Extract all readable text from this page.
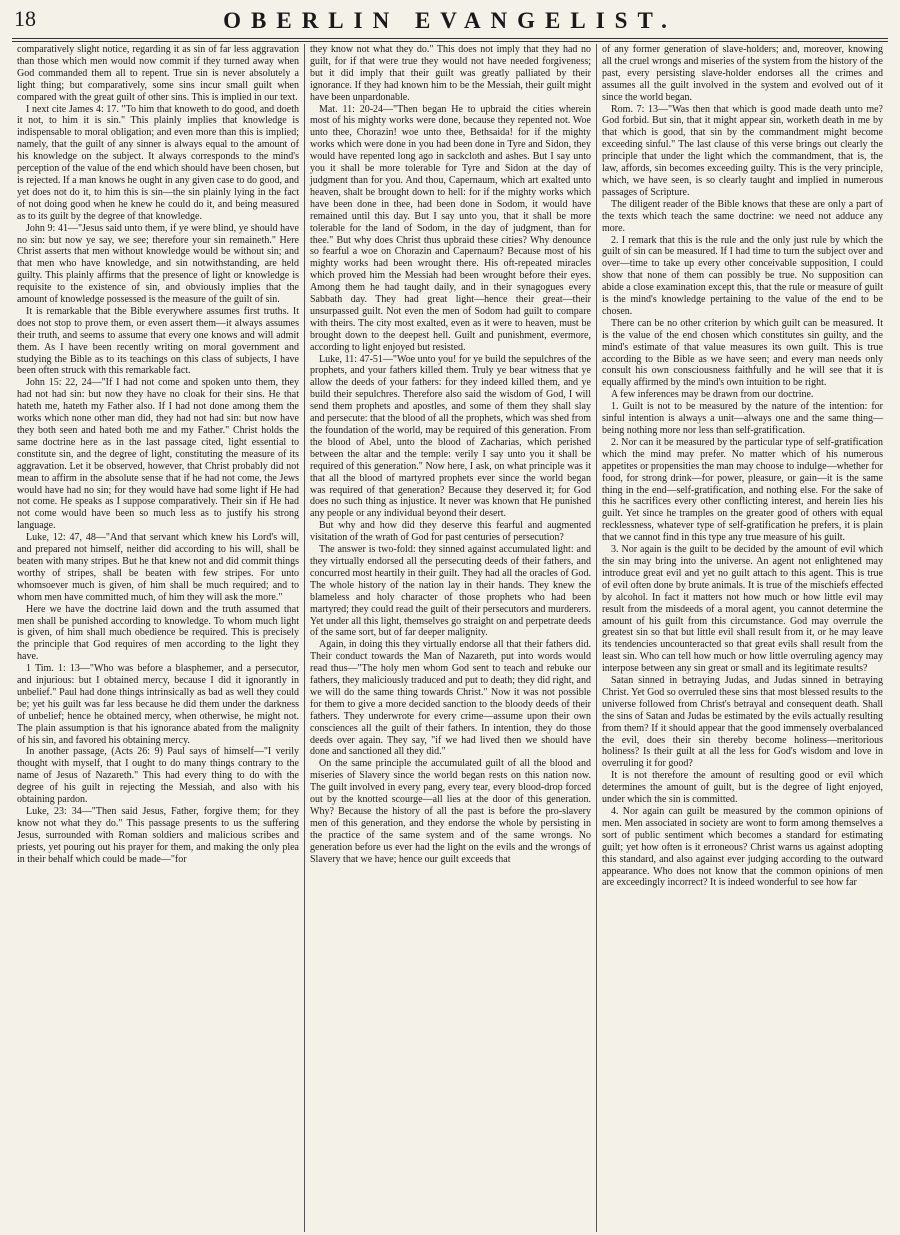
18	OBERLIN EVANGELIST.

comparatively slight notice, regarding it as sin of far less aggravation than those which men would now commit if they turned away when God commanded them all to repent. True sin is never absolutely a light thing; but comparatively, some sins incur small guilt when compared with the great guilt of other sins. This is implied in our text.

I next cite James 4: 17. "To him that knoweth to do good, and doeth it not, to him it is sin." This plainly implies that knowledge is indispensable to moral obligation; and even more than this is implied; namely, that the guilt of any sinner is always equal to the amount of his knowledge on the subject. It always corresponds to the mind's perception of the value of the end which should have been chosen, but is rejected. If a man knows he ought in any given case to do good, and yet does not do it, to him this is sin—the sin plainly lying in the fact of not doing good when he knew he could do it, and being measured as to its guilt by the degree of that knowledge.

John 9: 41—"Jesus said unto them, if ye were blind, ye should have no sin: but now ye say, we see; therefore your sin remaineth." Here Christ asserts that men without knowledge would be without sin; and that men who have knowledge, and sin notwithstanding, are held guilty. This plainly affirms that the presence of light or knowledge is requisite to the existence of sin, and obviously implies that the amount of knowledge possessed is the measure of the guilt of sin.

It is remarkable that the Bible everywhere assumes first truths. It does not stop to prove them, or even assert them—it always assumes their truth, and seems to assume that every one knows and will admit them. As I have been recently writing on moral government and studying the Bible as to its teachings on this class of subjects, I have been often struck with this remarkable fact.

John 15: 22, 24—"If I had not come and spoken unto them, they had not had sin: but now they have no cloak for their sins. He that hateth me, hateth my Father also. If I had not done among them the works which none other man did, they had not had sin: but now have they both seen and hated both me and my Father." Christ holds the same doctrine here as in the last passage cited, light essential to constitute sin, and the degree of light, constituting the measure of its aggravation. Let it be observed, however, that Christ probably did not mean to affirm in the absolute sense that if he had not come, the Jews would have had no sin; for they would have had some light if He had not come. He speaks as I suppose comparatively. Their sin if He had not come would have been so much less as to justify his strong language.

Luke, 12: 47, 48—"And that servant which knew his Lord's will, and prepared not himself, neither did according to his will, shall be beaten with many stripes. But he that knew not and did commit things worthy of stripes, shall be beaten with few stripes. For unto whomsoever much is given, of him shall be much required; and to whom men have committed much, of him they will ask the more."

Here we have the doctrine laid down and the truth assumed that men shall be punished according to knowledge. To whom much light is given, of him shall much obedience be required. This is precisely the principle that God requires of men according to the light they have.

1 Tim. 1: 13—"Who was before a blasphemer, and a persecutor, and injurious: but I obtained mercy, because I did it ignorantly in unbelief." Paul had done things intrinsically as bad as well they could be; yet his guilt was far less because he did them under the darkness of unbelief; hence he obtained mercy, when otherwise, he might not. The plain assumption is that his ignorance abated from the malignity of his sin, and favored his obtaining mercy.

In another passage, (Acts 26: 9) Paul says of himself—"I verily thought with myself, that I ought to do many things contrary to the name of Jesus of Nazareth." This had every thing to do with the degree of his guilt in rejecting the Messiah, and also with his obtaining pardon.

Luke, 23: 34—"Then said Jesus, Father, forgive them; for they know not what they do." This passage presents to us the suffering Jesus, surrounded with Roman soldiers and malicious scribes and priests, yet pouring out his prayer for them, and making the only plea in their behalf which could be made—"for

they know not what they do." This does not imply that they had no guilt, for if that were true they would not have needed forgiveness; but it did imply that their guilt was greatly palliated by their ignorance. If they had known him to be the Messiah, their guilt might have been unpardonable.

Mat. 11: 20-24—"Then began He to upbraid the cities wherein most of his mighty works were done, because they repented not. Woe unto thee, Chorazin! woe unto thee, Bethsaida! for if the mighty works which were done in you had been done in Tyre and Sidon, they would have repented long ago in sackcloth and ashes. But I say unto you it shall be more tolerable for Tyre and Sidon at the day of judgment than for you. And thou, Capernaum, which art exalted unto heaven, shalt be brought down to hell: for if the mighty works which have been done in thee, had been done in Sodom, it would have remained until this day. But I say unto you, that it shall be more tolerable for the land of Sodom, in the day of judgment, than for thee." But why does Christ thus upbraid these cities? Why denounce so fearful a woe on Chorazin and Capernaum? Because most of his mighty works had been wrought there. His oft-repeated miracles which proved him the Messiah had been wrought before their eyes. Among them he had taught daily, and in their synagogues every Sabbath day. They had great light—hence their great—their unsurpassed guilt. Not even the men of Sodom had guilt to compare with theirs. The city most exalted, even as it were to heaven, must be brought down to the deepest hell. Guilt and punishment, evermore, according to light enjoyed but resisted.

Luke, 11: 47-51—"Woe unto you! for ye build the sepulchres of the prophets, and your fathers killed them. Truly ye bear witness that ye allow the deeds of your fathers: for they indeed killed them, and ye build their sepulchres. Therefore also said the wisdom of God, I will send them prophets and apostles, and some of them they shall slay and persecute: that the blood of all the prophets, which was shed from the foundation of the world, may be required of this generation. From the blood of Abel, unto the blood of Zacharias, which perished between the altar and the temple: verily I say unto you it shall be required of this generation." Now here, I ask, on what principle was it that all the blood of martyred prophets ever since the world began was required of that generation? Because they deserved it; for God does no such thing as injustice. It never was known that He punished any people or any individual beyond their desert.

But why and how did they deserve this fearful and augmented visitation of the wrath of God for past centuries of persecution?

The answer is two-fold: they sinned against accumulated light: and they virtually endorsed all the persecuting deeds of their fathers, and concurred most heartily in their guilt. They had all the oracles of God. The whole history of the nation lay in their hands. They knew the blameless and holy character of those prophets who had been martyred; they could read the guilt of their persecutors and murderers. Yet under all this light, themselves go straight on and perpetrate deeds of the same sort, but of far deeper malignity.

Again, in doing this they virtually endorse all that their fathers did. Their conduct towards the Man of Nazareth, put into words would read thus—"The holy men whom God sent to teach and rebuke our fathers, they maliciously traduced and put to death; they did right, and we will do the same thing towards Christ." Now it was not possible for them to give a more decided sanction to the bloody deeds of their fathers. They underwrote for every crime—assume upon their own consciences all the guilt of their fathers. In intention, they do those deeds over again. They say, "if we had lived then we should have done and sanctioned all they did."

On the same principle the accumulated guilt of all the blood and miseries of Slavery since the world began rests on this nation now. The guilt involved in every pang, every tear, every blood-drop forced out by the knotted scourge—all lies at the door of this generation. Why? Because the history of all the past is before the pro-slavery men of this generation, and they endorse the whole by persisting in the practice of the same system and of the same wrongs. No generation before us ever had the light on the evils and the wrongs of Slavery that we have; hence our guilt exceeds that

of any former generation of slave-holders; and, moreover, knowing all the cruel wrongs and miseries of the system from the history of the past, every persisting slave-holder endorses all the crimes and assumes all the guilt involved in the system and evolved out of it since the world began.

Rom. 7: 13—"Was then that which is good made death unto me? God forbid. But sin, that it might appear sin, worketh death in me by that which is good, that sin by the commandment might become exceeding sinful." The last clause of this verse brings out clearly the principle that under the light which the commandment, that is, the law, affords, sin becomes exceeding guilty. This is the very principle, which, we have seen, is so clearly taught and implied in numerous passages of Scripture.

The diligent reader of the Bible knows that these are only a part of the texts which teach the same doctrine: we need not adduce any more.

2. I remark that this is the rule and the only just rule by which the guilt of sin can be measured. If I had time to turn the subject over and over—time to take up every other conceivable supposition, I could show that none of them can possibly be true. No supposition can abide a close examination except this, that the rule or measure of guilt is the mind's knowledge pertaining to the value of the end to be chosen.

There can be no other criterion by which guilt can be measured. It is the value of the end chosen which constitutes sin guilty, and the mind's estimate of that value measures its own guilt. This is true according to the Bible as we have seen; and every man needs only consult his own consciousness faithfully and he will see that it is equally affirmed by the mind's own intuition to be right.

A few inferences may be drawn from our doctrine.

1. Guilt is not to be measured by the nature of the intention: for sinful intention is always a unit—always one and the same thing—being nothing more nor less than self-gratification.

2. Nor can it be measured by the particular type of self-gratification which the mind may prefer. No matter which of his numerous appetites or propensities the man may choose to indulge—whether for food, for strong drink—for power, pleasure, or gain—it is the same thing in the end—self-gratification, and nothing else. For the sake of this he sacrifices every other conflicting interest, and herein lies his guilt. Yet since he tramples on the greater good of others with equal recklessness, whatever type of self-gratification he prefers, it is plain that we cannot find in this type any true measure of his guilt.

3. Nor again is the guilt to be decided by the amount of evil which the sin may bring into the universe. An agent not enlightened may introduce great evil and yet no guilt attach to this agent. This is true of evil often done by brute animals. It is true of the mischiefs effected by alcohol. In fact it matters not how much or how little evil may result from the misdeeds of a moral agent, you cannot determine the amount of his guilt from this circumstance. God may overrule the greatest sin so that but little evil shall result from it, or he may leave its tendencies uncounteracted so that great evils shall result from the least sin. Who can tell how much or how little overruling agency may interpose between any sin great or small and its legitimate results?

Satan sinned in betraying Judas, and Judas sinned in betraying Christ. Yet God so overruled these sins that most blessed results to the universe followed from Christ's betrayal and consequent death. Shall the sins of Satan and Judas be estimated by the evils actually resulting from them? If it should appear that the good immensely overbalanced the evil, does their sin thereby become holiness—meritorious holiness? Is their guilt at all the less for God's wisdom and love in overruling it for good?

It is not therefore the amount of resulting good or evil which determines the amount of guilt, but is the degree of light enjoyed, under which the sin is committed.

4. Nor again can guilt be measured by the common opinions of men. Men associated in society are wont to form among themselves a sort of public sentiment which becomes a standard for estimating guilt; yet how often is it erroneous? Christ warns us against adopting this standard, and also against ever judging according to the outward appearance. Who does not know that the common opinions of men are exceedingly incorrect? It is indeed wonderful to see how far
